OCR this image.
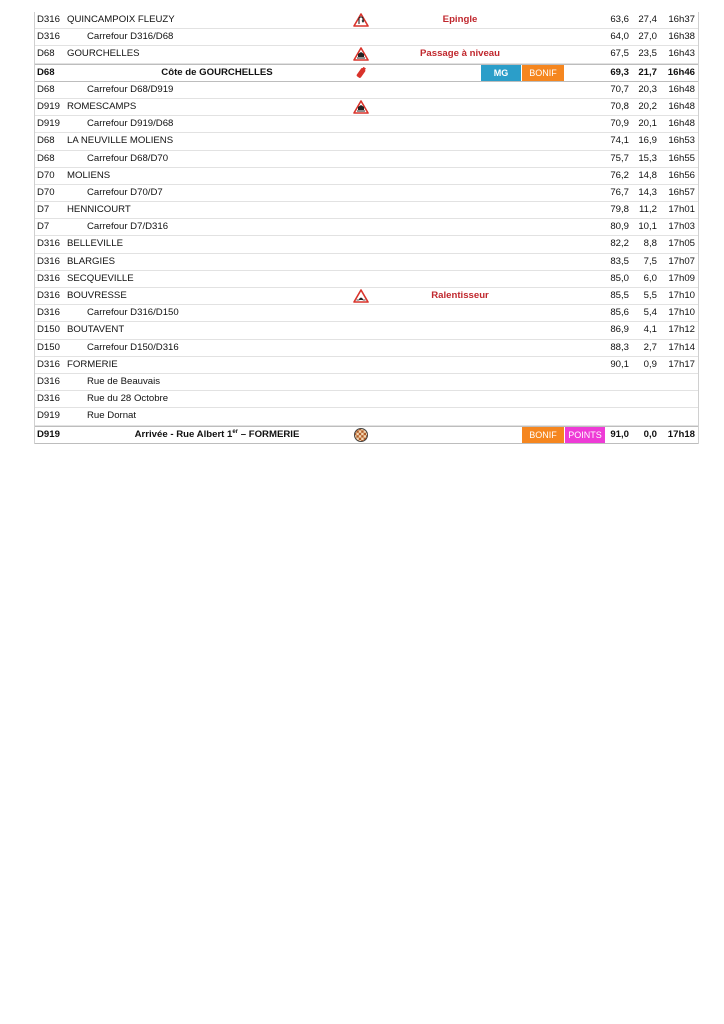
D316 QUINCAMPOIX FLEUZY	Epingle	63,6 27,4	16h37
D316	Carrefour D316/D68	64,0 27,0	16h38
D68	GOURCHELLES	Passage à niveau	67,5 23,5	16h43
D68	Côte de GOURCHELLES	MG	BONIF	69,3 21,7	16h46
D68	Carrefour D68/D919	70,7 20,3	16h48
D919 ROMESCAMPS	70,8 20,2	16h48
D919	Carrefour D919/D68	70,9 20,1	16h48
D68	LA NEUVILLE MOLIENS	74,1 16,9	16h53
D68	Carrefour D68/D70	75,7 15,3	16h55
D70	MOLIENS	76,2 14,8	16h56
D70	Carrefour D70/D7	76,7 14,3	16h57
D7	HENNICOURT	79,8	11,2	17h01
D7	Carrefour D7/D316	80,9 10,1	17h03
D316 BELLEVILLE	82,2	8,8	17h05
D316 BLARGIES	83,5	7,5	17h07
D316 SECQUEVILLE	85,0	6,0	17h09
D316 BOUVRESSE	Ralentisseur	85,5	5,5	17h10
D316	Carrefour D316/D150	85,6	5,4	17h10
D150 BOUTAVENT	86,9	4,1	17h12
D150	Carrefour D150/D316	88,3	2,7	17h14
D316 FORMERIE	90,1	0,9	17h17
D316	Rue de Beauvais
D316	Rue du 28 Octobre
D919	Rue Dornat
D919	Arrivée - Rue Albert 1er – FORMERIE	BONIF	POINTS 91,0	0,0	17h18
